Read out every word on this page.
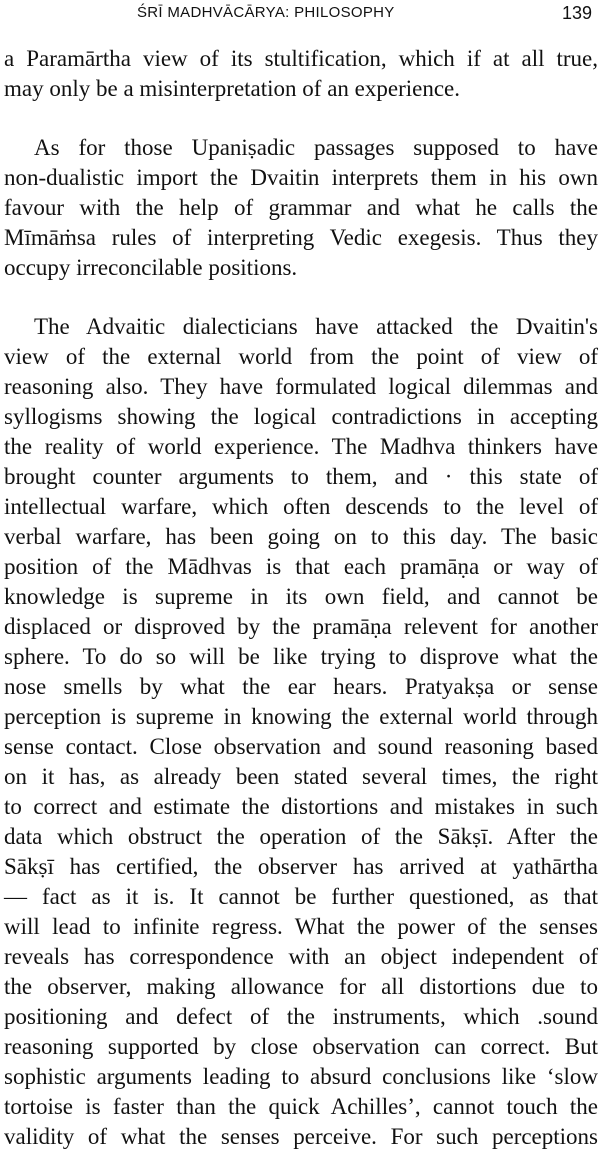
ŚRĪ MADHVĀCĀRYA: PHILOSOPHY	139
a Paramārtha view of its stultification, which if at all true,
may only be a misinterpretation of an experience.
As for those Upaniṣadic passages supposed to have
non-dualistic import the Dvaitin interprets them in his own
favour with the help of grammar and what he calls the
Mīmāṁsa rules of interpreting Vedic exegesis. Thus they
occupy irreconcilable positions.
The Advaitic dialecticians have attacked the Dvaitin's
view of the external world from the point of view of
reasoning also. They have formulated logical dilemmas and
syllogisms showing the logical contradictions in accepting
the reality of world experience. The Madhva thinkers have
brought counter arguments to them, and · this state of
intellectual warfare, which often descends to the level of
verbal warfare, has been going on to this day. The basic
position of the Mādhvas is that each pramāṇa or way of
knowledge is supreme in its own field, and cannot be
displaced or disproved by the pramāṇa relevent for another
sphere. To do so will be like trying to disprove what the
nose smells by what the ear hears. Pratyakṣa or sense
perception is supreme in knowing the external world through
sense contact. Close observation and sound reasoning based
on it has, as already been stated several times, the right
to correct and estimate the distortions and mistakes in such
data which obstruct the operation of the Sākṣī. After the
Sākṣī has certified, the observer has arrived at yathārtha
— fact as it is. It cannot be further questioned, as that
will lead to infinite regress. What the power of the senses
reveals has correspondence with an object independent of
the observer, making allowance for all distortions due to
positioning and defect of the instruments, which .sound
reasoning supported by close observation can correct. But
sophistic arguments leading to absurd conclusions like ‘slow
tortoise is faster than the quick Achilles’, cannot touch the
validity of what the senses perceive. For such perceptions
